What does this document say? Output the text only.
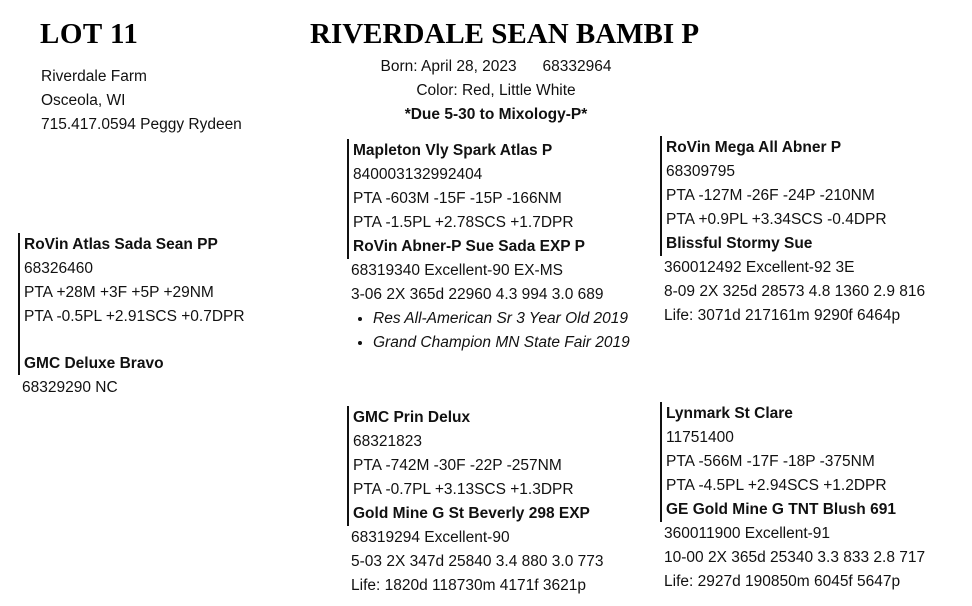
LOT 11	RIVERDALE SEAN BAMBI P
Riverdale Farm
Osceola, WI
715.417.0594 Peggy Rydeen
Born: April 28, 2023 68332964
Color: Red, Little White
*Due 5-30 to Mixology-P*
RoVin Atlas Sada Sean PP
68326460
PTA +28M +3F +5P +29NM
PTA -0.5PL +2.91SCS +0.7DPR
GMC Deluxe Bravo
68329290 NC
Mapleton Vly Spark Atlas P
840003132992404
PTA -603M -15F -15P -166NM
PTA -1.5PL +2.78SCS +1.7DPR
RoVin Abner-P Sue Sada EXP P
68319340 Excellent-90 EX-MS
3-06 2X 365d 22960 4.3 994 3.0 689
• Res All-American Sr 3 Year Old 2019
• Grand Champion MN State Fair 2019
RoVin Mega All Abner P
68309795
PTA -127M -26F -24P -210NM
PTA +0.9PL +3.34SCS -0.4DPR
Blissful Stormy Sue
360012492 Excellent-92 3E
8-09 2X 325d 28573 4.8 1360 2.9 816
Life: 3071d 217161m 9290f 6464p
GMC Prin Delux
68321823
PTA -742M -30F -22P -257NM
PTA -0.7PL +3.13SCS +1.3DPR
Gold Mine G St Beverly 298 EXP
68319294 Excellent-90
5-03 2X 347d 25840 3.4 880 3.0 773
Life: 1820d 118730m 4171f 3621p
Lynmark St Clare
11751400
PTA -566M -17F -18P -375NM
PTA -4.5PL +2.94SCS +1.2DPR
GE Gold Mine G TNT Blush 691
360011900 Excellent-91
10-00 2X 365d 25340 3.3 833 2.8 717
Life: 2927d 190850m 6045f 5647p
